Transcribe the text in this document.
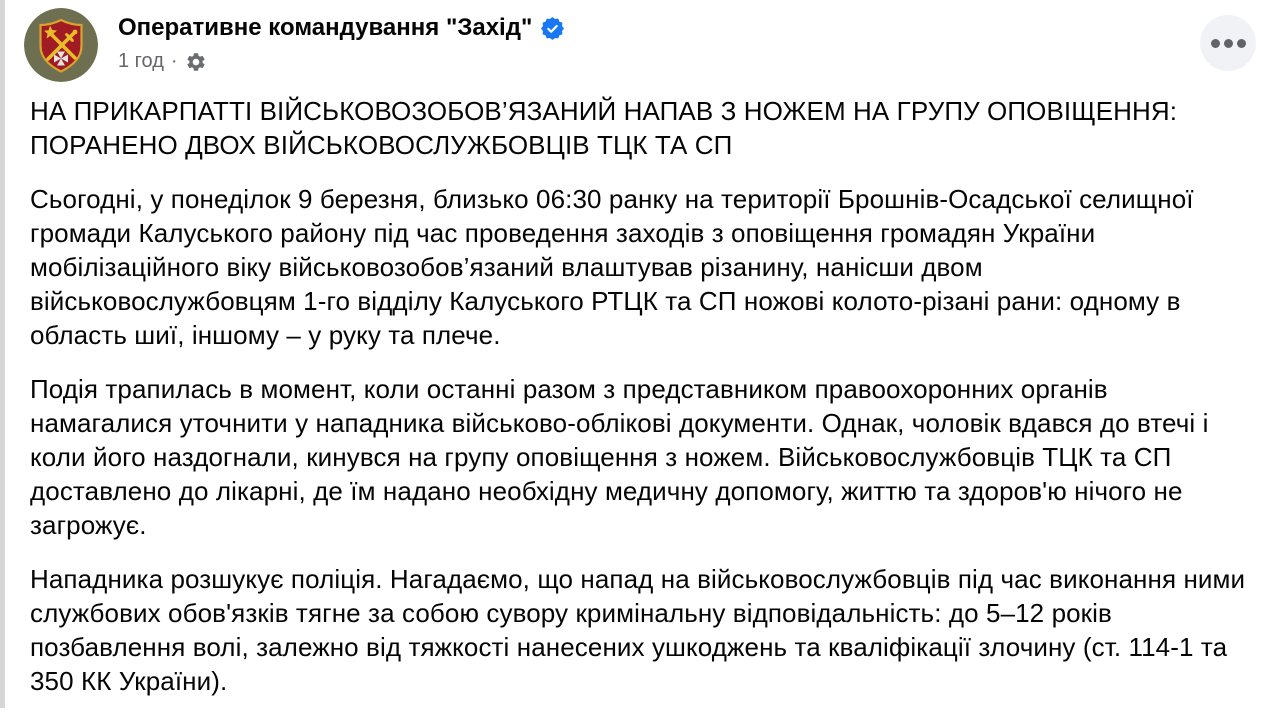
Оперативне командування "Захід"
1 год ·

НА ПРИКАРПАТТІ ВІЙСЬКОВОЗОБОВ’ЯЗАНИЙ НАПАВ З НОЖЕМ НА ГРУПУ ОПОВІЩЕННЯ: ПОРАНЕНО ДВОХ ВІЙСЬКОВОСЛУЖБОВЦІВ ТЦК ТА СП

Сьогодні, у понеділок 9 березня, близько 06:30 ранку на території Брошнів-Осадської селищної громади Калуського району під час проведення заходів з оповіщення громадян України мобілізаційного віку військовозобов’язаний влаштував різанину, нанісши двом військовослужбовцям 1-го відділу Калуського РТЦК та СП ножові колото-різані рани: одному в область шиї, іншому – у руку та плече.

Подія трапилась в момент, коли останні разом з представником правоохоронних органів намагалися уточнити у нападника військово-облікові документи. Однак, чоловік вдався до втечі і коли його наздогнали, кинувся на групу оповіщення з ножем. Військовослужбовців ТЦК та СП доставлено до лікарні, де їм надано необхідну медичну допомогу, життю та здоров'ю нічого не загрожує.

Нападника розшукує поліція. Нагадаємо, що напад на військовослужбовців під час виконання ними службових обов'язків тягне за собою сувору кримінальну відповідальність: до 5–12 років позбавлення волі, залежно від тяжкості нанесених ушкоджень та кваліфікації злочину (ст. 114-1 та 350 КК України).
